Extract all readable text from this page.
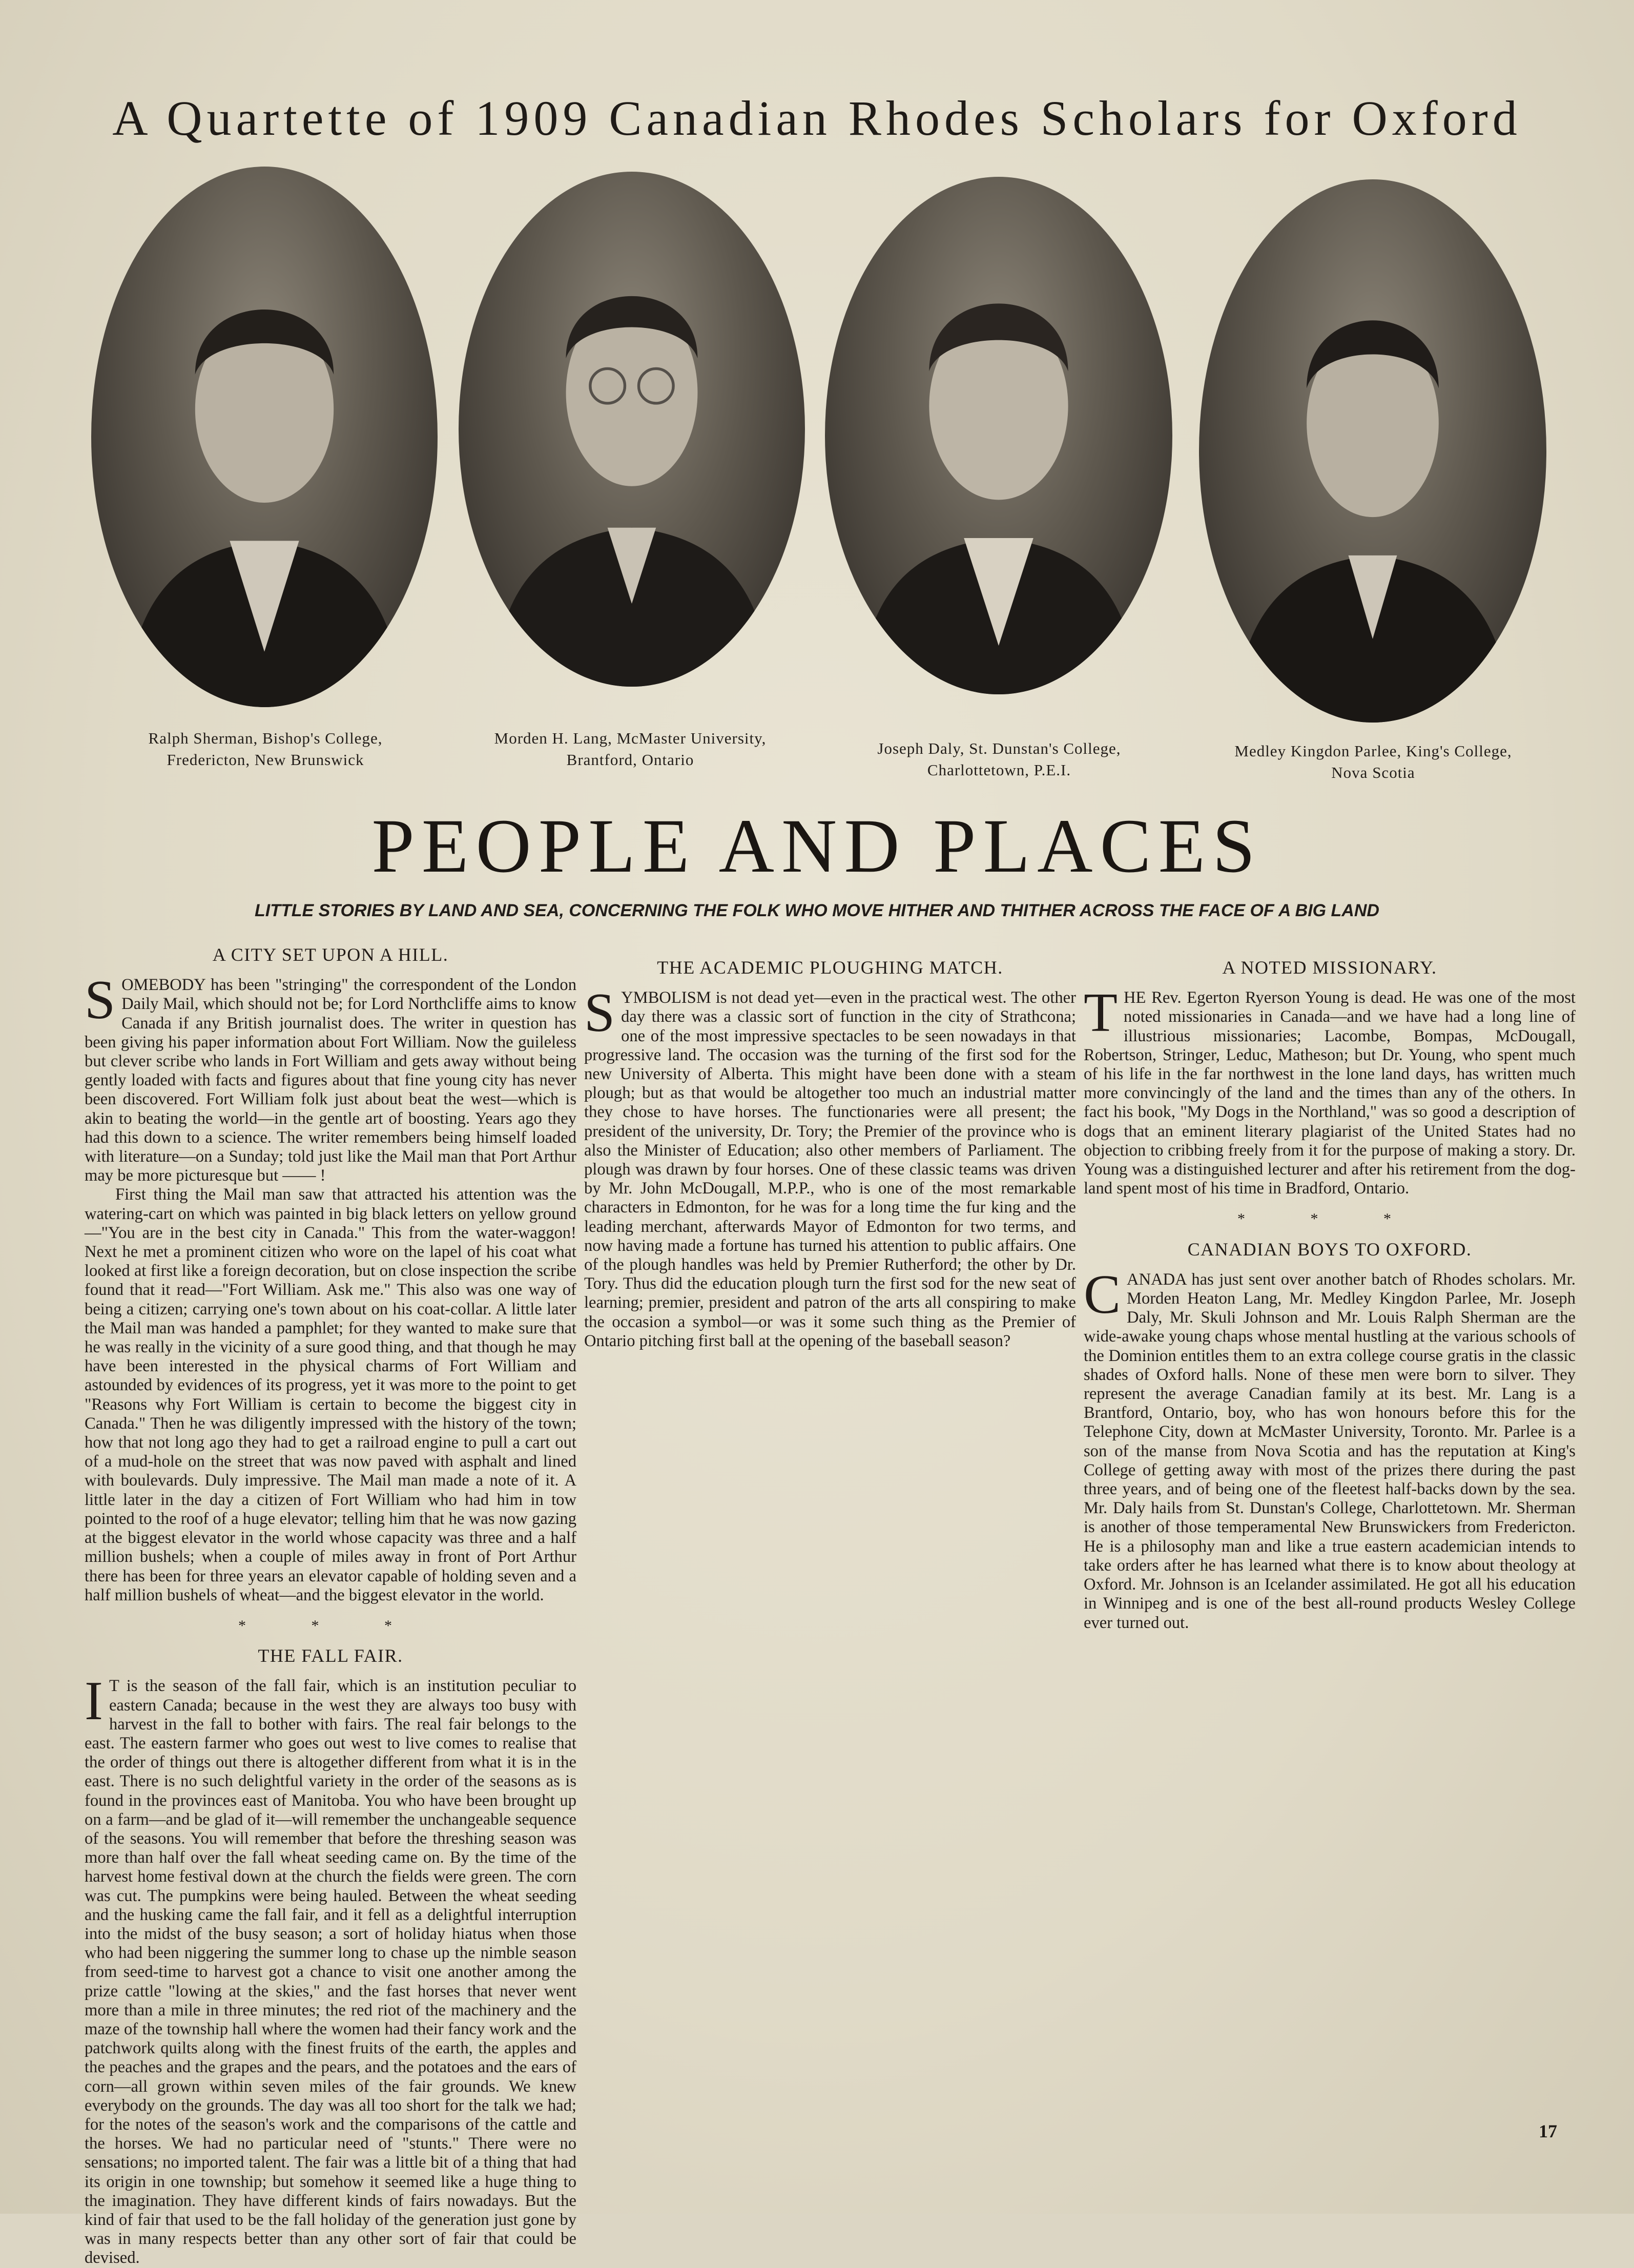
A Quartette of 1909 Canadian Rhodes Scholars for Oxford
Ralph Sherman, Bishop's College,
Fredericton, New Brunswick
Morden H. Lang, McMaster University,
Brantford, Ontario
Joseph Daly, St. Dunstan's College,
Charlottetown, P.E.I.
Medley Kingdon Parlee, King's College,
Nova Scotia
PEOPLE AND PLACES
LITTLE STORIES BY LAND AND SEA, CONCERNING THE FOLK WHO MOVE HITHER AND THITHER ACROSS THE FACE OF A BIG LAND
A CITY SET UPON A HILL.

SOMEBODY has been "stringing" the correspondent of the London Daily Mail, which should not be; for Lord Northcliffe aims to know Canada if any British journalist does. The writer in question has been giving his paper information about Fort William. Now the guileless but clever scribe who lands in Fort William and gets away without being gently loaded with facts and figures about that fine young city has never been discovered. Fort William folk just about beat the west—which is akin to beating the world—in the gentle art of boosting. Years ago they had this down to a science. The writer remembers being himself loaded with literature—on a Sunday; told just like the Mail man that Port Arthur may be more picturesque but —— !

First thing the Mail man saw that attracted his attention was the watering-cart on which was painted in big black letters on yellow ground—"You are in the best city in Canada." This from the water-waggon! Next he met a prominent citizen who wore on the lapel of his coat what looked at first like a foreign decoration, but on close inspection the scribe found that it read—"Fort William. Ask me." This also was one way of being a citizen; carrying one's town about on his coat-collar. A little later the Mail man was handed a pamphlet; for they wanted to make sure that he was really in the vicinity of a sure good thing, and that though he may have been interested in the physical charms of Fort William and astounded by evidences of its progress, yet it was more to the point to get "Reasons why Fort William is certain to become the biggest city in Canada." Then he was diligently impressed with the history of the town; how that not long ago they had to get a railroad engine to pull a cart out of a mud-hole on the street that was now paved with asphalt and lined with boulevards. Duly impressive. The Mail man made a note of it. A little later in the day a citizen of Fort William who had him in tow pointed to the roof of a huge elevator; telling him that he was now gazing at the biggest elevator in the world whose capacity was three and a half million bushels; when a couple of miles away in front of Port Arthur there has been for three years an elevator capable of holding seven and a half million bushels of wheat—and the biggest elevator in the world.

* * *
THE FALL FAIR.

I T is the season of the fall fair, which is an institution peculiar to eastern Canada; because in the west they are always too busy with harvest in the fall to bother with fairs. The real fair belongs to the east. The eastern farmer who goes out west to live comes to realise that the order of things out there is altogether different from what it is in the east. There is no such delightful variety in the order of the seasons as is found in the provinces east of Manitoba. You who have been brought up on a farm—and be glad of it—will remember the unchangeable sequence of the seasons. You will remember that before the threshing season was more than half over the fall wheat seeding came on. By the time of the harvest home festival down at the church the fields were green. The corn was cut. The pumpkins were being hauled. Between the wheat seeding and the husking came the fall fair, and it fell as a delightful interruption into the midst of the busy season; a sort of holiday hiatus when those who had been niggering the summer long to chase up the nimble season from seed-time to harvest got a chance to visit one another among the prize cattle "lowing at the skies," and the fast horses that never went more than a mile in three minutes; the red riot of the machinery and the maze of the township hall where the women had their fancy work and the patchwork quilts along with the finest fruits of the earth, the apples and the peaches and the grapes and the pears, and the potatoes and the ears of corn—all grown within seven miles of the fair grounds. We knew everybody on the grounds. The day was all too short for the talk we had; for the notes of the season's work and the comparisons of the cattle and the horses. We had no particular need of "stunts." There were no sensations; no imported talent. The fair was a little bit of a thing that had its origin in one township; but somehow it seemed like a huge thing to the imagination. They have different kinds of fairs nowadays. But the kind of fair that used to be the fall holiday of the generation just gone by was in many respects better than any other sort of fair that could be devised.

THE ACADEMIC PLOUGHING MATCH.

SYMBOLISM is not dead yet—even in the practical west. The other day there was a classic sort of function in the city of Strathcona; one of the most impressive spectacles to be seen nowadays in that progressive land. The occasion was the turning of the first sod for the new University of Alberta. This might have been done with a steam plough; but as that would be altogether too much an industrial matter they chose to have horses. The functionaries were all present; the president of the university, Dr. Tory; the Premier of the province who is also the Minister of Education; also other members of Parliament. The plough was drawn by four horses. One of these classic teams was driven by Mr. John McDougall, M.P.P., who is one of the most remarkable characters in Edmonton, for he was for a long time the fur king and the leading merchant, afterwards Mayor of Edmonton for two terms, and now having made a fortune has turned his attention to public affairs. One of the plough handles was held by Premier Rutherford; the other by Dr. Tory. Thus did the education plough turn the first sod for the new seat of learning; premier, president and patron of the arts all conspiring to make the occasion a symbol—or was it some such thing as the Premier of Ontario pitching first ball at the opening of the baseball season?

A NOTED MISSIONARY.

THE Rev. Egerton Ryerson Young is dead. He was one of the most noted missionaries in Canada—and we have had a long line of illustrious missionaries; Lacombe, Bompas, McDougall, Robertson, Stringer, Leduc, Matheson; but Dr. Young, who spent much of his life in the far northwest in the lone land days, has written much more convincingly of the land and the times than any of the others. In fact his book, "My Dogs in the Northland," was so good a description of dogs that an eminent literary plagiarist of the United States had no objection to cribbing freely from it for the purpose of making a story. Dr. Young was a distinguished lecturer and after his retirement from the dog-land spent most of his time in Bradford, Ontario.

* * *
CANADIAN BOYS TO OXFORD.

CANADA has just sent over another batch of Rhodes scholars. Mr. Morden Heaton Lang, Mr. Medley Kingdon Parlee, Mr. Joseph Daly, Mr. Skuli Johnson and Mr. Louis Ralph Sherman are the wide-awake young chaps whose mental hustling at the various schools of the Dominion entitles them to an extra college course gratis in the classic shades of Oxford halls. None of these men were born to silver. They represent the average Canadian family at its best. Mr. Lang is a Brantford, Ontario, boy, who has won honours before this for the Telephone City, down at McMaster University, Toronto. Mr. Parlee is a son of the manse from Nova Scotia and has the reputation at King's College of getting away with most of the prizes there during the past three years, and of being one of the fleetest half-backs down by the sea. Mr. Daly hails from St. Dunstan's College, Charlottetown. Mr. Sherman is another of those temperamental New Brunswickers from Fredericton. He is a philosophy man and like a true eastern academician intends to take orders after he has learned what there is to know about theology at Oxford. Mr. Johnson is an Icelander assimilated. He got all his education in Winnipeg and is one of the best all-round products Wesley College ever turned out.

17
